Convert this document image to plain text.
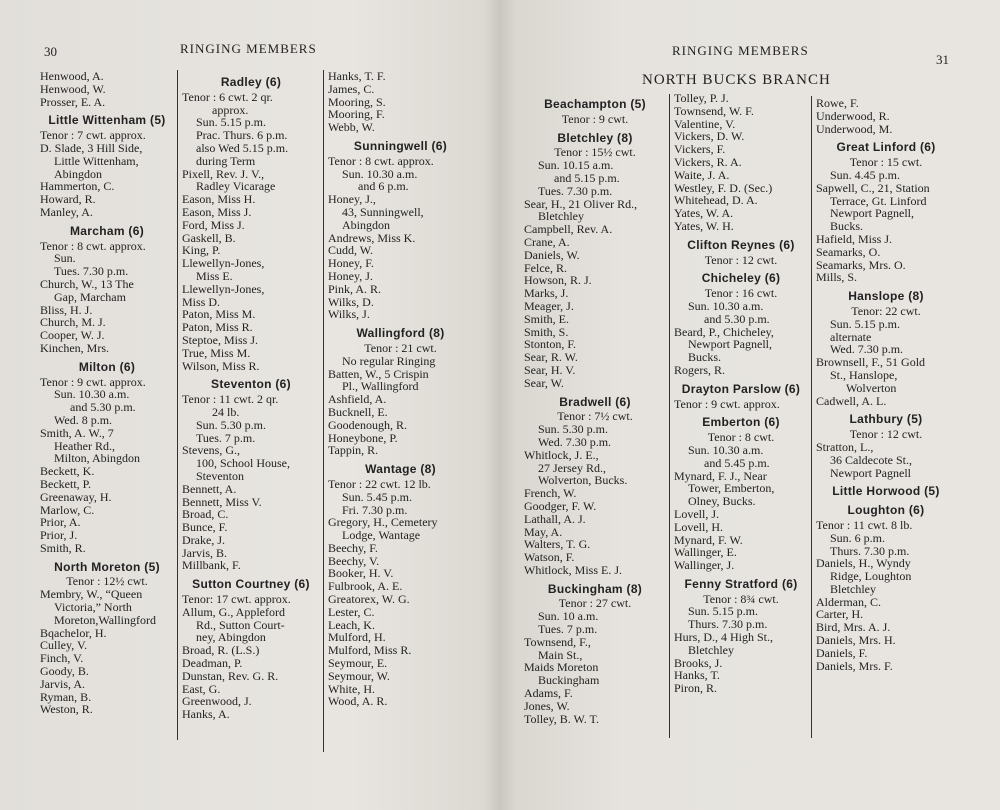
30	RINGING MEMBERS
Henwood, A.
Henwood, W.
Prosser, E. A.
Little Wittenham (5)
Tenor : 7 cwt. approx.
D. Slade, 3 Hill Side,
Little Wittenham,
Abingdon
Hammerton, C.
Howard, R.
Manley, A.
Marcham (6)
Tenor : 8 cwt. approx.
Sun.
Tues. 7.30 p.m.
Church, W., 13 The
Gap, Marcham
Bliss, H. J.
Church, M. J.
Cooper, W. J.
Kinchen, Mrs.
Milton (6)
Tenor : 9 cwt. approx.
Sun. 10.30 a.m.
and 5.30 p.m.
Wed. 8 p.m.
Smith, A. W., 7
Heather Rd.,
Milton, Abingdon
Beckett, K.
Beckett, P.
Greenaway, H.
Marlow, C.
Prior, A.
Prior, J.
Smith, R.
North Moreton (5)
Tenor : 12½ cwt.
Membry, W., “Queen
Victoria,” North
Moreton,Wallingford
Bqachelor, H.
Culley, V.
Finch, V.
Goody, B.
Jarvis, A.
Ryman, B.
Weston, R.
Radley (6)
Tenor : 6 cwt. 2 qr.
approx.
Sun. 5.15 p.m.
Prac. Thurs. 6 p.m.
also Wed 5.15 p.m.
during Term
Pixell, Rev. J. V.,
Radley Vicarage
Eason, Miss H.
Eason, Miss J.
Ford, Miss J.
Gaskell, B.
King, P.
Llewellyn-Jones,
Miss E.
Llewellyn-Jones,
Miss D.
Paton, Miss M.
Paton, Miss R.
Steptoe, Miss J.
True, Miss M.
Wilson, Miss R.
Steventon (6)
Tenor : 11 cwt. 2 qr.
24 lb.
Sun. 5.30 p.m.
Tues. 7 p.m.
Stevens, G.,
100, School House,
Steventon
Bennett, A.
Bennett, Miss V.
Broad, C.
Bunce, F.
Drake, J.
Jarvis, B.
Millbank, F.
Sutton Courtney (6)
Tenor: 17 cwt. approx.
Allum, G., Appleford
Rd., Sutton Court-
ney, Abingdon
Broad, R. (L.S.)
Deadman, P.
Dunstan, Rev. G. R.
East, G.
Greenwood, J.
Hanks, A.
Hanks, T. F.
James, C.
Mooring, S.
Mooring, F.
Webb, W.
Sunningwell (6)
Tenor : 8 cwt. approx.
Sun. 10.30 a.m.
and 6 p.m.
Honey, J.,
43, Sunningwell,
Abingdon
Andrews, Miss K.
Cudd, W.
Honey, F.
Honey, J.
Pink, A. R.
Wilks, D.
Wilks, J.
Wallingford (8)
Tenor : 21 cwt.
No regular Ringing
Batten, W., 5 Crispin
Pl., Wallingford
Ashfield, A.
Bucknell, E.
Goodenough, R.
Honeybone, P.
Tappin, R.
Wantage (8)
Tenor : 22 cwt. 12 lb.
Sun. 5.45 p.m.
Fri. 7.30 p.m.
Gregory, H., Cemetery
Lodge, Wantage
Beechy, F.
Beechy, V.
Booker, H. V.
Fulbrook, A. E.
Greatorex, W. G.
Lester, C.
Leach, K.
Mulford, H.
Mulford, Miss R.
Seymour, E.
Seymour, W.
White, H.
Wood, A. R.
RINGING MEMBERS
31
NORTH BUCKS BRANCH
Beachampton (5)
Tenor : 9 cwt.
Bletchley (8)
Tenor : 15½ cwt.
Sun. 10.15 a.m.
and 5.15 p.m.
Tues. 7.30 p.m.
Sear, H., 21 Oliver Rd.,
Bletchley
Campbell, Rev. A.
Crane, A.
Daniels, W.
Felce, R.
Howson, R. J.
Marks, J.
Meager, J.
Smith, E.
Smith, S.
Stonton, F.
Sear, R. W.
Sear, H. V.
Sear, W.
Bradwell (6)
Tenor : 7½ cwt.
Sun. 5.30 p.m.
Wed. 7.30 p.m.
Whitlock, J. E.,
27 Jersey Rd.,
Wolverton, Bucks.
French, W.
Goodger, F. W.
Lathall, A. J.
May, A.
Walters, T. G.
Watson, F.
Whitlock, Miss E. J.
Buckingham (8)
Tenor : 27 cwt.
Sun. 10 a.m.
Tues. 7 p.m.
Townsend, F.,
Main St.,
Maids Moreton
Buckingham
Adams, F.
Jones, W.
Tolley, B. W. T.
Tolley, P. J.
Townsend, W. F.
Valentine, V.
Vickers, D. W.
Vickers, F.
Vickers, R. A.
Waite, J. A.
Westley, F. D. (Sec.)
Whitehead, D. A.
Yates, W. A.
Yates, W. H.
Clifton Reynes (6)
Tenor : 12 cwt.
Chicheley (6)
Tenor : 16 cwt.
Sun. 10.30 a.m.
and 5.30 p.m.
Beard, P., Chicheley,
Newport Pagnell,
Bucks.
Rogers, R.
Drayton Parslow (6)
Tenor : 9 cwt. approx.
Emberton (6)
Tenor : 8 cwt.
Sun. 10.30 a.m.
and 5.45 p.m.
Mynard, F. J., Near
Tower, Emberton,
Olney, Bucks.
Lovell, J.
Lovell, H.
Mynard, F. W.
Wallinger, E.
Wallinger, J.
Fenny Stratford (6)
Tenor : 8¾ cwt.
Sun. 5.15 p.m.
Thurs. 7.30 p.m.
Hurs, D., 4 High St.,
Bletchley
Brooks, J.
Hanks, T.
Piron, R.
Rowe, F.
Underwood, R.
Underwood, M.
Great Linford (6)
Tenor : 15 cwt.
Sun. 4.45 p.m.
Sapwell, C., 21, Station
Terrace, Gt. Linford
Newport Pagnell,
Bucks.
Hafield, Miss J.
Seamarks, O.
Seamarks, Mrs. O.
Mills, S.
Hanslope (8)
Tenor: 22 cwt.
Sun. 5.15 p.m.
alternate
Wed. 7.30 p.m.
Brownsell, F., 51 Gold
St., Hanslope,
Wolverton
Cadwell, A. L.
Lathbury (5)
Tenor : 12 cwt.
Stratton, L.,
36 Caldecote St.,
Newport Pagnell
Little Horwood (5)
Loughton (6)
Tenor : 11 cwt. 8 lb.
Sun. 6 p.m.
Thurs. 7.30 p.m.
Daniels, H., Wyndy
Ridge, Loughton
Bletchley
Alderman, C.
Carter, H.
Bird, Mrs. A. J.
Daniels, Mrs. H.
Daniels, F.
Daniels, Mrs. F.
